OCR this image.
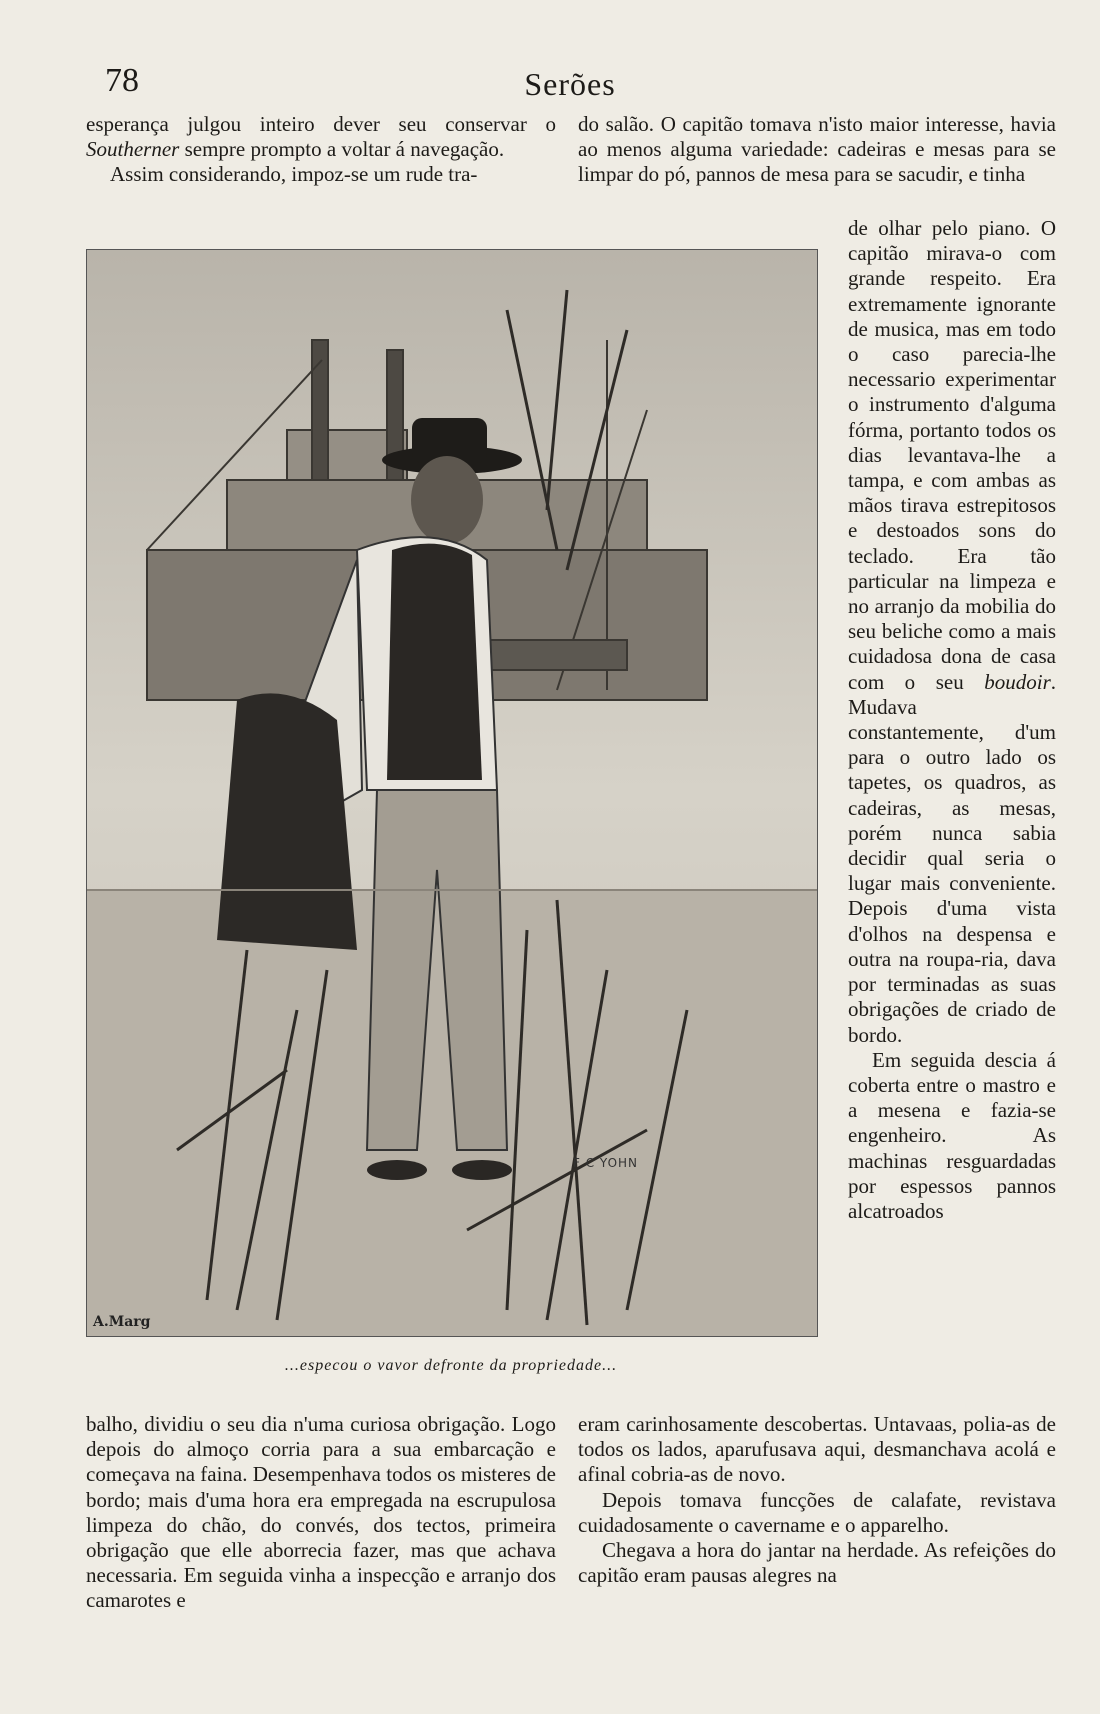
78	Serões

esperança julgou inteiro dever seu conservar o Southerner sempre prompto a voltar á navegação.

Assim considerando, impoz-se um rude tra-

do salão. O capitão tomava n'isto maior interesse, havia ao menos alguma variedade: cadeiras e mesas para se limpar do pó, pannos de mesa para se sacudir, e tinha

de olhar pelo piano. O capitão mirava-o com grande respeito. Era extremamente ignorante de musica, mas em todo o caso parecia-lhe necessario experimentar o instrumento d'alguma fórma, portanto todos os dias levantava-lhe a tampa, e com ambas as mãos tirava estrepitosos e destoados sons do teclado. Era tão particular na limpeza e no arranjo da mobilia do seu beliche como a mais cuidadosa dona de casa com o seu boudoir. Mudava constantemente, d'um para o outro lado os tapetes, os quadros, as cadeiras, as mesas, porém nunca sabia decidir qual seria o lugar mais conveniente. Depois d'uma vista d'olhos na despensa e outra na roupa-ria, dava por terminadas as suas obrigações de criado de bordo.

Em seguida descia á coberta entre o mastro e a mesena e fazia-se engenheiro. As machinas resguardadas por espessos pannos alcatroados

F C YOHN
A.Marg
...especou o vavor defronte da propriedade...

balho, dividiu o seu dia n'uma curiosa obrigação. Logo depois do almoço corria para a sua embarcação e começava na faina. Desempenhava todos os misteres de bordo; mais d'uma hora era empregada na escrupulosa limpeza do chão, do convés, dos tectos, primeira obrigação que elle aborrecia fazer, mas que achava necessaria. Em seguida vinha a inspecção e arranjo dos camarotes e

eram carinhosamente descobertas. Untavaas, polia-as de todos os lados, aparufusava aqui, desmanchava acolá e afinal cobria-as de novo.

Depois tomava funcções de calafate, revistava cuidadosamente o cavername e o apparelho.

Chegava a hora do jantar na herdade. As refeições do capitão eram pausas alegres na
